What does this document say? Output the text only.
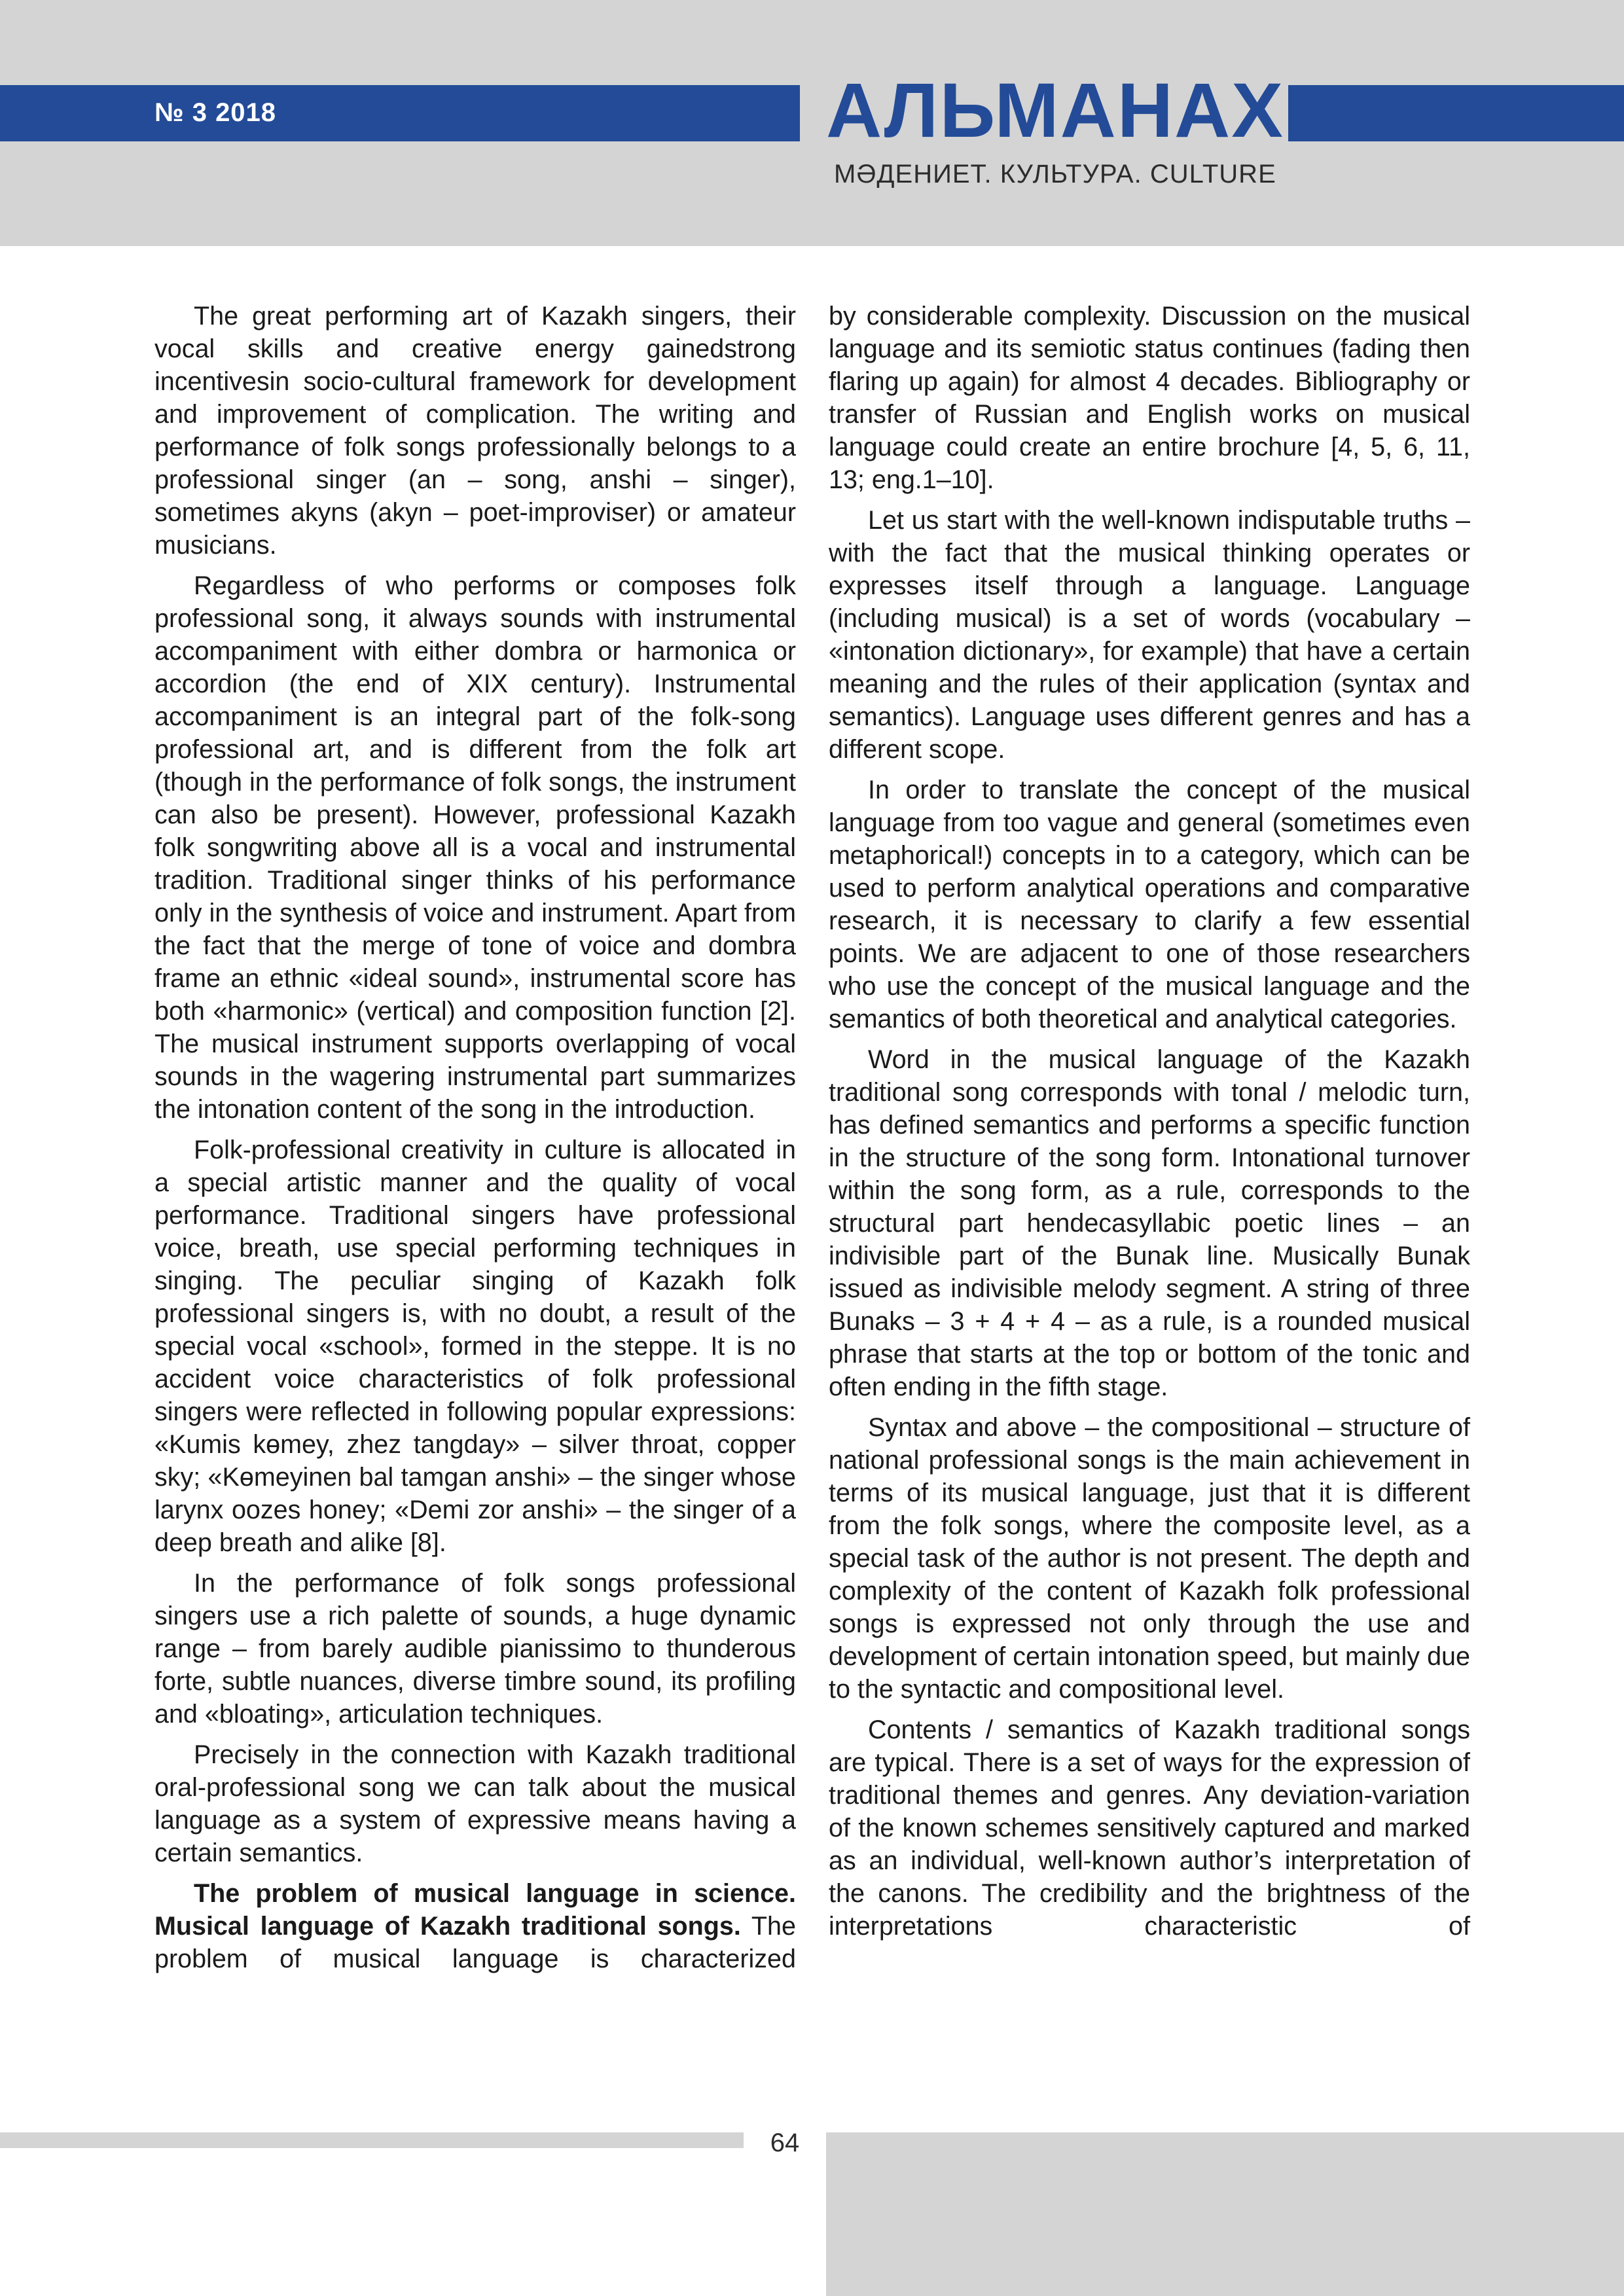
№ 3 2018	АЛЬМАНАХ
МӘДЕНИЕТ. КУЛЬТУРА. CULTURE

The great performing art of Kazakh singers, their vocal skills and creative energy gainedstrong incentivesin socio-cultural framework for development and improvement of complication. The writing and performance of folk songs professionally belongs to a professional singer (an – song, anshi – singer), sometimes akyns (akyn – poet-improviser) or amateur musicians.

Regardless of who performs or composes folk professional song, it always sounds with instrumental accompaniment with either dombra or harmonica or accordion (the end of XIX century). Instrumental accompaniment is an integral part of the folk-song professional art, and is different from the folk art (though in the performance of folk songs, the instrument can also be present). However, professional Kazakh folk songwriting above all is a vocal and instrumental tradition. Traditional singer thinks of his performance only in the synthesis of voice and instrument. Apart from the fact that the merge of tone of voice and dombra frame an ethnic «ideal sound», instrumental score has both «harmonic» (vertical) and composition function [2]. The musical instrument supports overlapping of vocal sounds in the wagering instrumental part summarizes the intonation content of the song in the introduction.

Folk-professional creativity in culture is allocated in a special artistic manner and the quality of vocal performance. Traditional singers have professional voice, breath, use special performing techniques in singing. The peculiar singing of Kazakh folk professional singers is, with no doubt, a result of the special vocal «school», formed in the steppe. It is no accident voice characteristics of folk professional singers were reflected in following popular expressions: «Kumis kɵmey, zhez tangday» – silver throat, copper sky; «Kɵmeyinen bal tamgan anshi» – the singer whose larynx oozes honey; «Demi zor anshi» – the singer of a deep breath and alike [8].

In the performance of folk songs professional singers use a rich palette of sounds, a huge dynamic range – from barely audible pianissimo to thunderous forte, subtle nuances, diverse timbre sound, its profiling and «bloating», articulation techniques.

Precisely in the connection with Kazakh traditional oral-professional song we can talk about the musical language as a system of expressive means having a certain semantics.

The problem of musical language in science. Musical language of Kazakh traditional songs. The problem of musical language is characterized

by considerable complexity. Discussion on the musical language and its semiotic status continues (fading then flaring up again) for almost 4 decades. Bibliography or transfer of Russian and English works on musical language could create an entire brochure [4, 5, 6, 11, 13; eng.1–10].

Let us start with the well-known indisputable truths – with the fact that the musical thinking operates or expresses itself through a language. Language (including musical) is a set of words (vocabulary – «intonation dictionary», for example) that have a certain meaning and the rules of their application (syntax and semantics). Language uses different genres and has a different scope.

In order to translate the concept of the musical language from too vague and general (sometimes even metaphorical!) concepts in to a category, which can be used to perform analytical operations and comparative research, it is necessary to clarify a few essential points. We are adjacent to one of those researchers who use the concept of the musical language and the semantics of both theoretical and analytical categories.

Word in the musical language of the Kazakh traditional song corresponds with tonal / melodic turn, has defined semantics and performs a specific function in the structure of the song form. Intonational turnover within the song form, as a rule, corresponds to the structural part hendecasyllabic poetic lines – an indivisible part of the Bunak line. Musically Bunak issued as indivisible melody segment. A string of three Bunaks – 3 + 4 + 4 – as a rule, is a rounded musical phrase that starts at the top or bottom of the tonic and often ending in the fifth stage.

Syntax and above – the compositional – structure of national professional songs is the main achievement in terms of its musical language, just that it is different from the folk songs, where the composite level, as a special task of the author is not present. The depth and complexity of the content of Kazakh folk professional songs is expressed not only through the use and development of certain intonation speed, but mainly due to the syntactic and compositional level.

Contents / semantics of Kazakh traditional songs are typical. There is a set of ways for the expression of traditional themes and genres. Any deviation-variation of the known schemes sensitively captured and marked as an individual, well-known author’s interpretation of the canons. The credibility and the brightness of the interpretations characteristic of

64
